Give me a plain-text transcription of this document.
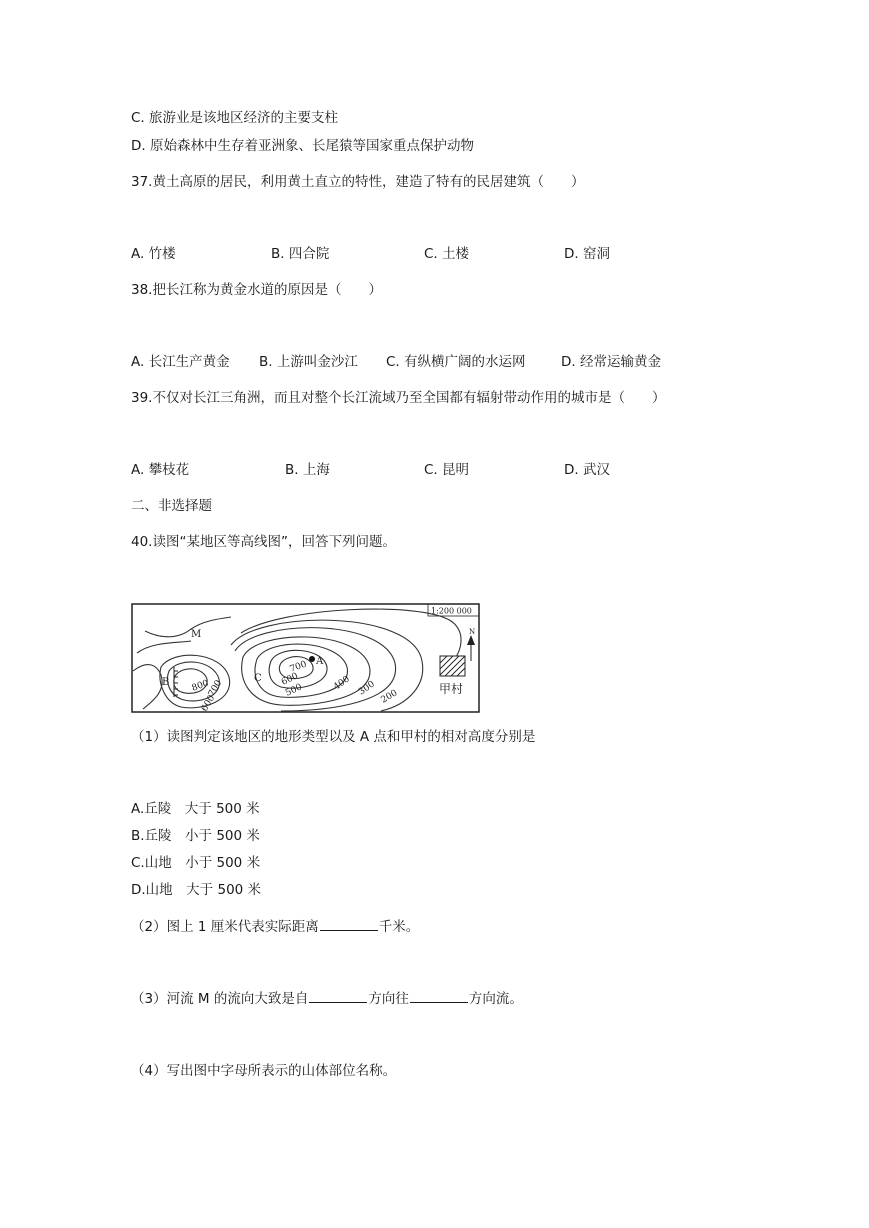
C. 旅游业是该地区经济的主要支柱
D. 原始森林中生存着亚洲象、长尾猿等国家重点保护动物
37.黄土高原的居民，利用黄土直立的特性，建造了特有的民居建筑（　　）
A. 竹楼	B. 四合院	C. 土楼	D. 窑洞
38.把长江称为黄金水道的原因是（　　）
A. 长江生产黄金 B. 上游叫金沙江 C. 有纵横广阔的水运网	D. 经常运输黄金
39.不仅对长江三角洲，而且对整个长江流域乃至全国都有辐射带动作用的城市是（　　）
A. 攀枝花	B. 上海	C. 昆明	D. 武汉
二、非选择题
40.读图“某地区等高线图”，回答下列问题。
1:200 000
A
M
B	C
800
700
600
700
600
500	400 300 200
N
甲村
（1）读图判定该地区的地形类型以及 A 点和甲村的相对高度分别是
A.丘陵　大于 500 米
B.丘陵　小于 500 米
C.山地　小于 500 米
D.山地　大于 500 米
（2）图上 1 厘米代表实际距离	千米。
（3）河流 M 的流向大致是自	方向往	方向流。
（4）写出图中字母所表示的山体部位名称。
